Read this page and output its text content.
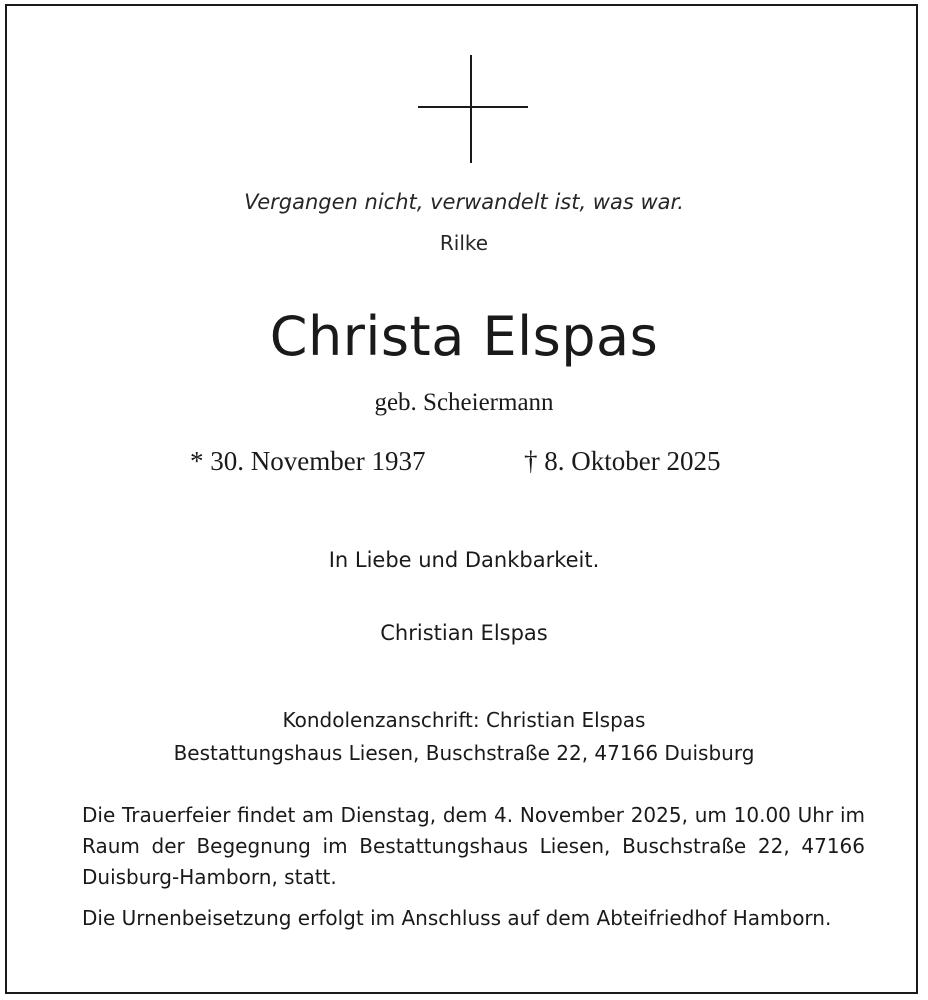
Vergangen nicht, verwandelt ist, was war.
Rilke
Christa Elspas
geb. Scheiermann
* 30. November 1937	† 8. Oktober 2025
In Liebe und Dankbarkeit.
Christian Elspas
Kondolenzanschrift: Christian Elspas
Bestattungshaus Liesen, Buschstraße 22, 47166 Duisburg
Die Trauerfeier findet am Dienstag, dem 4. November 2025, um 10.00 Uhr im Raum der Begegnung im Bestattungshaus Liesen, Buschstraße 22, 47166 Duisburg-Hamborn, statt.
Die Urnenbeisetzung erfolgt im Anschluss auf dem Abteifriedhof Hamborn.
